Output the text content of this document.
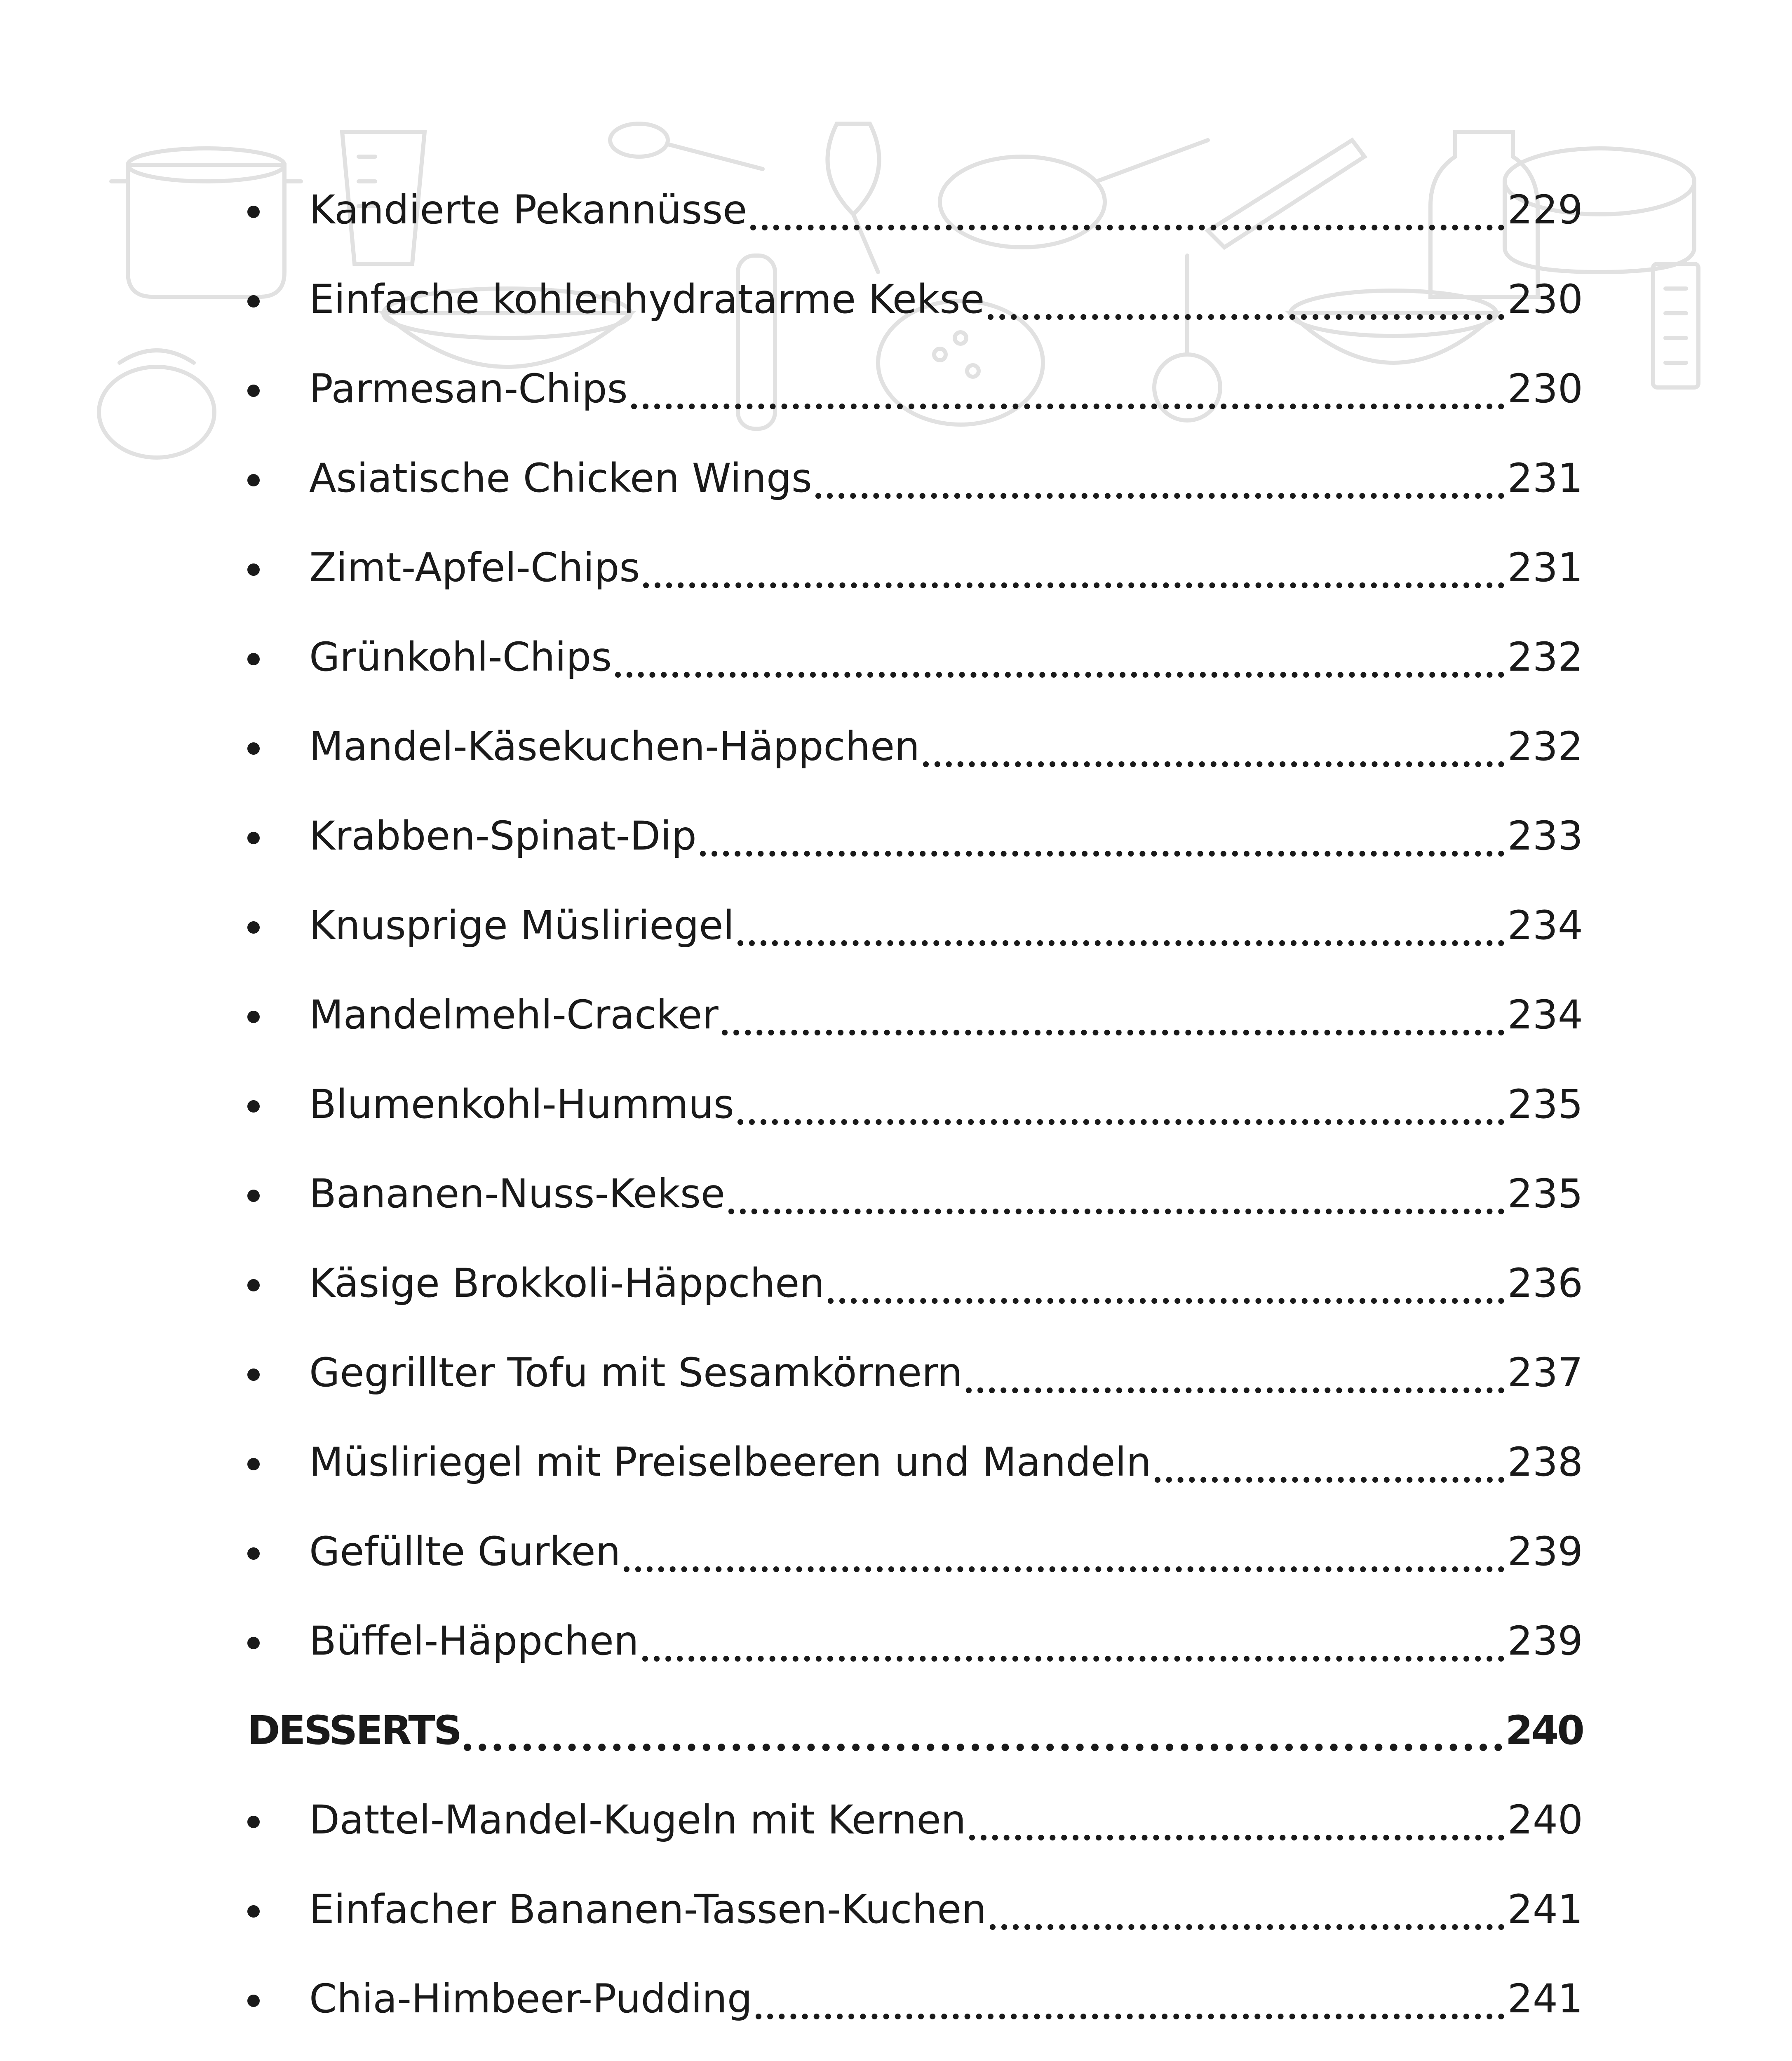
Kandierte Pekannüsse	229
Einfache kohlenhydratarme Kekse	230
Parmesan-Chips	230
Asiatische Chicken Wings	231
Zimt-Apfel-Chips	231
Grünkohl-Chips	232
Mandel-Käsekuchen-Häppchen	232
Krabben-Spinat-Dip	233
Knusprige Müsliriegel	234
Mandelmehl-Cracker	234
Blumenkohl-Hummus	235
Bananen-Nuss-Kekse	235
Käsige Brokkoli-Häppchen	236
Gegrillter Tofu mit Sesamkörnern	237
Müsliriegel mit Preiselbeeren und Mandeln	238
Gefüllte Gurken	239
Büffel-Häppchen	239
DESSERTS	240
Dattel-Mandel-Kugeln mit Kernen	240
Einfacher Bananen-Tassen-Kuchen	241
Chia-Himbeer-Pudding	241
